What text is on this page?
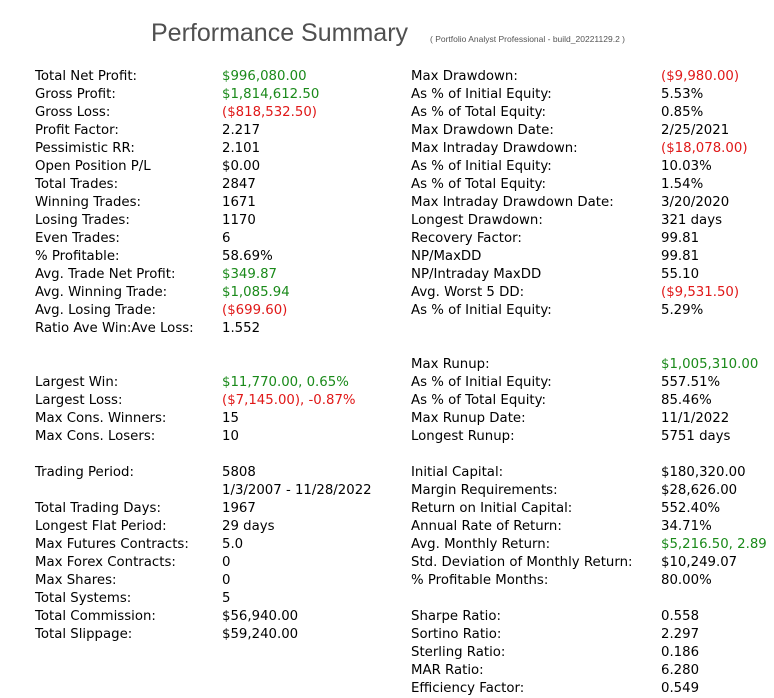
Performance Summary	( Portfolio Analyst Professional - build_20221129.2 )
Total Net Profit:	$996,080.00
Gross Profit:	$1,814,612.50
Gross Loss:	($818,532.50)
Profit Factor:	2.217
Pessimistic RR:	2.101
Open Position P/L	$0.00
Total Trades:	2847
Winning Trades:	1671
Losing Trades:	1170
Even Trades:	6
% Profitable:	58.69%
Avg. Trade Net Profit:	$349.87
Avg. Winning Trade:	$1,085.94
Avg. Losing Trade:	($699.60)
Ratio Ave Win:Ave Loss: 1.552
Largest Win:	$11,770.00, 0.65%
Largest Loss:	($7,145.00), -0.87%
Max Cons. Winners:	15
Max Cons. Losers:	10
Trading Period:	5808
1/3/2007 - 11/28/2022
Total Trading Days:	1967
Longest Flat Period:	29 days
Max Futures Contracts: 5.0
Max Forex Contracts:	0
Max Shares:	0
Total Systems:	5
Total Commission:	$56,940.00
Total Slippage:	$59,240.00
Max Drawdown:	($9,980.00)
As % of Initial Equity:	5.53%
As % of Total Equity:	0.85%
Max Drawdown Date:	2/25/2021
Max Intraday Drawdown:	($18,078.00)
As % of Initial Equity:	10.03%
As % of Total Equity:	1.54%
Max Intraday Drawdown Date:	3/20/2020
Longest Drawdown:	321 days
Recovery Factor:	99.81
NP/MaxDD	99.81
NP/Intraday MaxDD	55.10
Avg. Worst 5 DD:	($9,531.50)
As % of Initial Equity:	5.29%
Max Runup:	$1,005,310.00
As % of Initial Equity:	557.51%
As % of Total Equity:	85.46%
Max Runup Date:	11/1/2022
Longest Runup:	5751 days
Initial Capital:	$180,320.00
Margin Requirements:	$28,626.00
Return on Initial Capital:	552.40%
Annual Rate of Return:	34.71%
Avg. Monthly Return:	$5,216.50, 2.89
Std. Deviation of Monthly Return: $10,249.07
% Profitable Months:	80.00%
Sharpe Ratio:	0.558
Sortino Ratio:	2.297
Sterling Ratio:	0.186
MAR Ratio:	6.280
Efficiency Factor:	0.549
